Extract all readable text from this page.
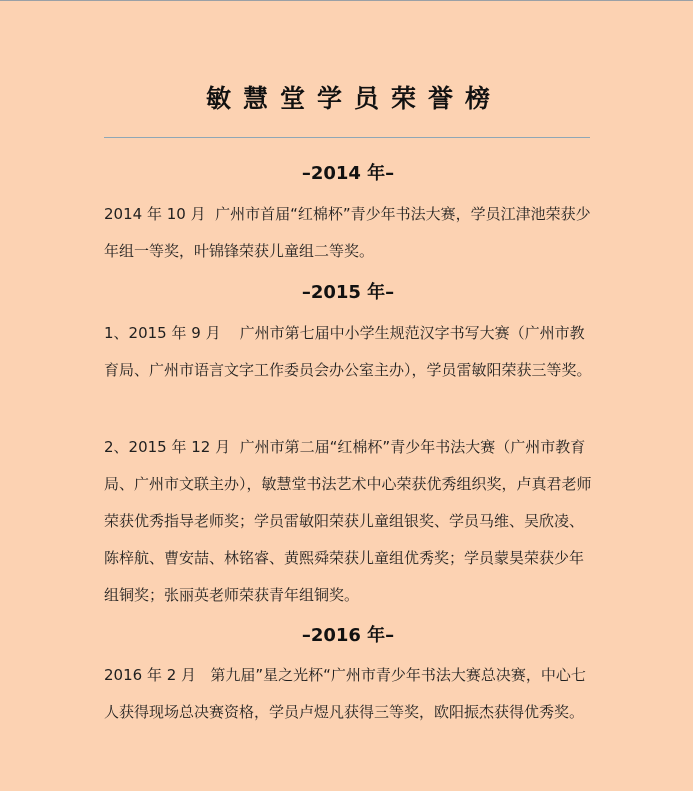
敏慧堂学员荣誉榜
–2014 年–
2014 年 10 月  广州市首届“红棉杯”青少年书法大赛，学员江津池荣获少年组一等奖，叶锦锋荣获儿童组二等奖。
–2015 年–
1、2015 年 9 月    广州市第七届中小学生规范汉字书写大赛（广州市教育局、广州市语言文字工作委员会办公室主办），学员雷敏阳荣获三等奖。
2、2015 年 12 月  广州市第二届“红棉杯”青少年书法大赛（广州市教育局、广州市文联主办），敏慧堂书法艺术中心荣获优秀组织奖，卢真君老师荣获优秀指导老师奖；学员雷敏阳荣获儿童组银奖、学员马维、吴欣凌、陈梓航、曹安喆、林铭睿、黄熙舜荣获儿童组优秀奖；学员蒙昊荣获少年组铜奖；张丽英老师荣获青年组铜奖。
–2016 年–
2016 年 2 月   第九届”星之光杯“广州市青少年书法大赛总决赛，中心七人获得现场总决赛资格，学员卢煜凡获得三等奖，欧阳振杰获得优秀奖。
